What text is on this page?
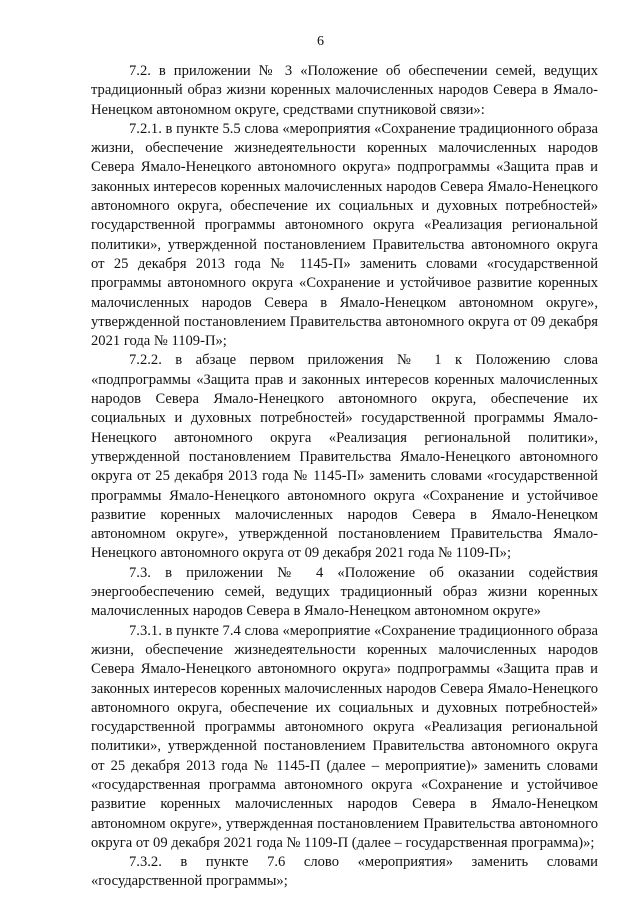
6

7.2. в приложении № 3 «Положение об обеспечении семей, ведущих традиционный образ жизни коренных малочисленных народов Севера в Ямало-Ненецком автономном округе, средствами спутниковой связи»:

7.2.1. в пункте 5.5 слова «мероприятия «Сохранение традиционного образа жизни, обеспечение жизнедеятельности коренных малочисленных народов Севера Ямало-Ненецкого автономного округа» подпрограммы «Защита прав и законных интересов коренных малочисленных народов Севера Ямало-Ненецкого автономного округа, обеспечение их социальных и духовных потребностей» государственной программы автономного округа «Реализация региональной политики», утвержденной постановлением Правительства автономного округа от 25 декабря 2013 года № 1145-П» заменить словами «государственной программы автономного округа «Сохранение и устойчивое развитие коренных малочисленных народов Севера в Ямало-Ненецком автономном округе», утвержденной постановлением Правительства автономного округа от 09 декабря 2021 года № 1109-П»;

7.2.2. в абзаце первом приложения № 1 к Положению слова «подпрограммы «Защита прав и законных интересов коренных малочисленных народов Севера Ямало-Ненецкого автономного округа, обеспечение их социальных и духовных потребностей» государственной программы Ямало-Ненецкого автономного округа «Реализация региональной политики», утвержденной постановлением Правительства Ямало-Ненецкого автономного округа от 25 декабря 2013 года № 1145-П» заменить словами «государственной программы Ямало-Ненецкого автономного округа «Сохранение и устойчивое развитие коренных малочисленных народов Севера в Ямало-Ненецком автономном округе», утвержденной постановлением Правительства Ямало-Ненецкого автономного округа от 09 декабря 2021 года № 1109-П»;

7.3. в приложении № 4 «Положение об оказании содействия энергообеспечению семей, ведущих традиционный образ жизни коренных малочисленных народов Севера в Ямало-Ненецком автономном округе»

7.3.1. в пункте 7.4 слова «мероприятие «Сохранение традиционного образа жизни, обеспечение жизнедеятельности коренных малочисленных народов Севера Ямало-Ненецкого автономного округа» подпрограммы «Защита прав и законных интересов коренных малочисленных народов Севера Ямало-Ненецкого автономного округа, обеспечение их социальных и духовных потребностей» государственной программы автономного округа «Реализация региональной политики», утвержденной постановлением Правительства автономного округа от 25 декабря 2013 года № 1145-П (далее – мероприятие)» заменить словами «государственная программа автономного округа «Сохранение и устойчивое развитие коренных малочисленных народов Севера в Ямало-Ненецком автономном округе», утвержденная постановлением Правительства автономного округа от 09 декабря 2021 года № 1109-П (далее – государственная программа)»;

7.3.2. в пункте 7.6 слово «мероприятия» заменить словами «государственной программы»;
